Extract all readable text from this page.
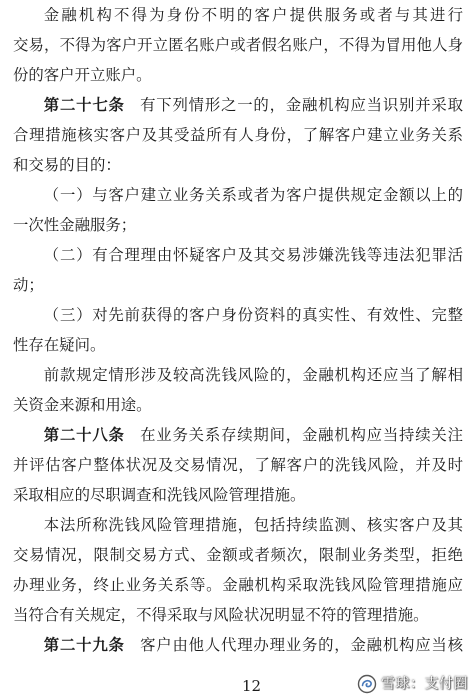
金融机构不得为身份不明的客户提供服务或者与其进行
交易，不得为客户开立匿名账户或者假名账户，不得为冒用他人身
份的客户开立账户。
第二十七条 有下列情形之一的，金融机构应当识别并采取
合理措施核实客户及其受益所有人身份，了解客户建立业务关系
和交易的目的：
（一）与客户建立业务关系或者为客户提供规定金额以上的
一次性金融服务；
（二）有合理理由怀疑客户及其交易涉嫌洗钱等违法犯罪活
动；
（三）对先前获得的客户身份资料的真实性、有效性、完整
性存在疑问。
前款规定情形涉及较高洗钱风险的，金融机构还应当了解相
关资金来源和用途。
第二十八条 在业务关系存续期间，金融机构应当持续关注
并评估客户整体状况及交易情况，了解客户的洗钱风险，并及时
采取相应的尽职调查和洗钱风险管理措施。
本法所称洗钱风险管理措施，包括持续监测、核实客户及其
交易情况，限制交易方式、金额或者频次，限制业务类型，拒绝
办理业务，终止业务关系等。金融机构采取洗钱风险管理措施应
当符合有关规定，不得采取与风险状况明显不符的管理措施。
第二十九条 客户由他人代理办理业务的，金融机构应当核
12	雪球：支付圈
